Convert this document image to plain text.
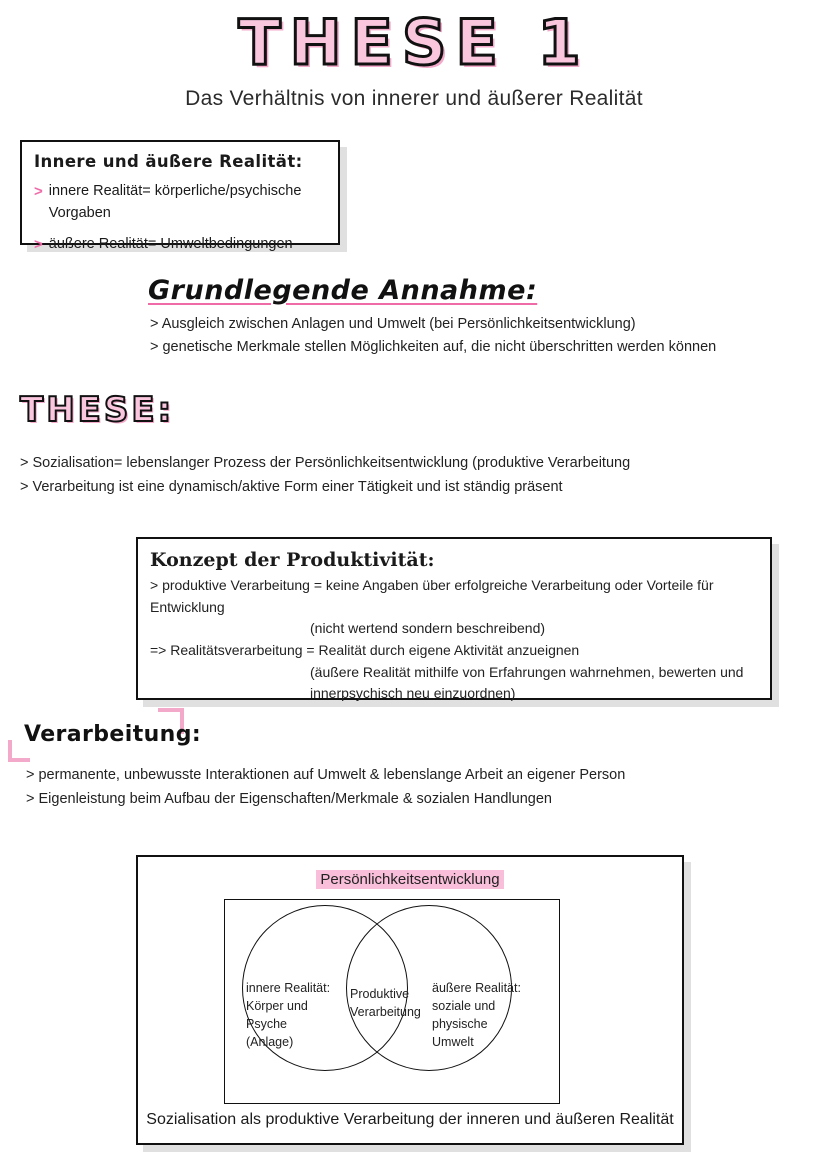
THESE 1
Das Verhältnis von innerer und äußerer Realität
Innere und äußere Realität:
> innere Realität= körperliche/psychische Vorgaben
> äußere Realität= Umweltbedingungen
Grundlegende Annahme:
> Ausgleich zwischen Anlagen und Umwelt (bei Persönlichkeitsentwicklung)
> genetische Merkmale stellen Möglichkeiten auf, die nicht überschritten werden können
THESE:
> Sozialisation= lebenslanger Prozess der Persönlichkeitsentwicklung (produktive Verarbeitung
> Verarbeitung ist eine dynamisch/aktive Form einer Tätigkeit und ist ständig präsent
Konzept der Produktivität:
> produktive Verarbeitung = keine Angaben über erfolgreiche Verarbeitung oder Vorteile für Entwicklung
(nicht wertend sondern beschreibend)
=> Realitätsverarbeitung = Realität durch eigene Aktivität anzueignen
(äußere Realität mithilfe von Erfahrungen wahrnehmen, bewerten und
innerpsychisch neu einzuordnen)
Verarbeitung:
> permanente, unbewusste Interaktionen auf Umwelt & lebenslange Arbeit an eigener Person
> Eigenleistung beim Aufbau der Eigenschaften/Merkmale & sozialen Handlungen
Persönlichkeitsentwicklung
innere Realität:
Körper und Psyche
(Anlage)
Produktive
Verarbeitung
äußere Realität:
soziale und physische
Umwelt
Sozialisation als produktive Verarbeitung der inneren und äußeren Realität
